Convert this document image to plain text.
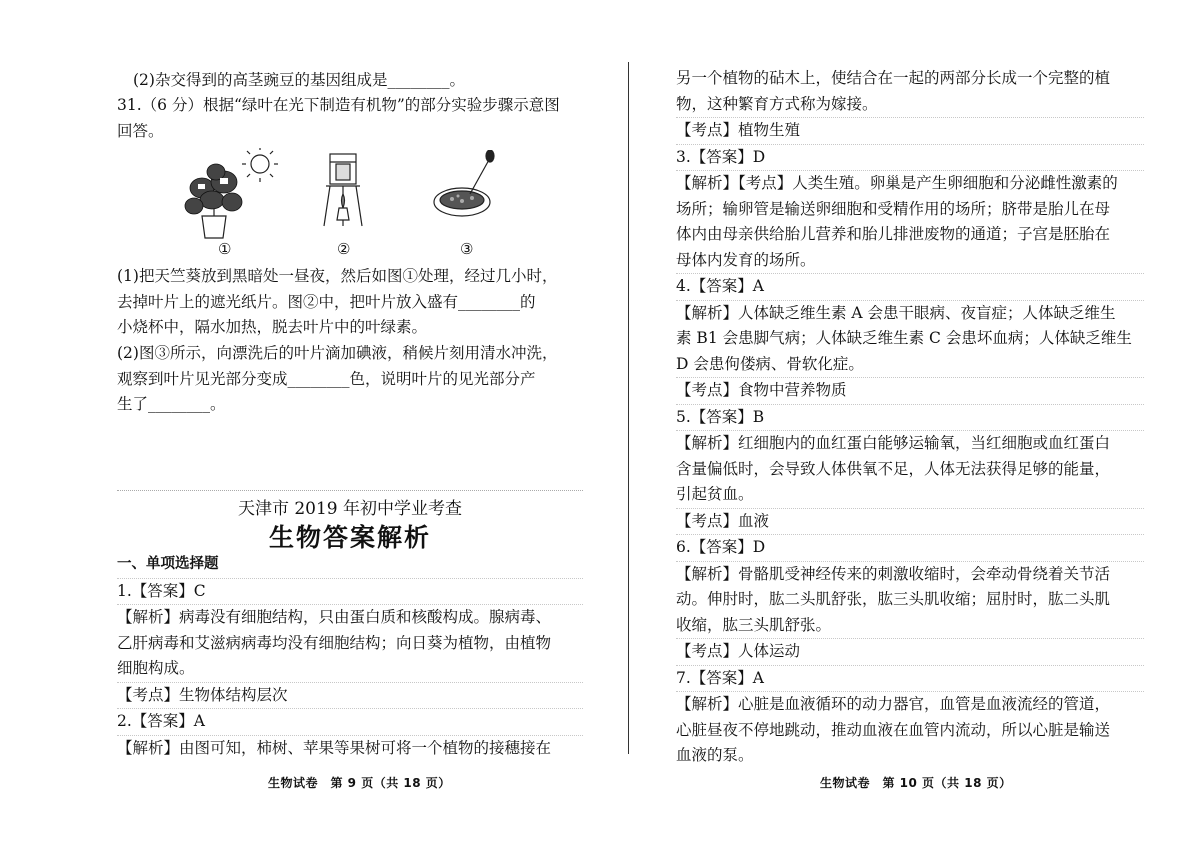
(2)杂交得到的高茎豌豆的基因组成是________。
31.（6 分）根据“绿叶在光下制造有机物”的部分实验步骤示意图
回答。
①	②	③
(1)把天竺葵放到黑暗处一昼夜，然后如图①处理，经过几小时，
去掉叶片上的遮光纸片。图②中，把叶片放入盛有________的
小烧杯中，隔水加热，脱去叶片中的叶绿素。
(2)图③所示，向漂洗后的叶片滴加碘液，稍候片刻用清水冲洗，
观察到叶片见光部分变成________色，说明叶片的见光部分产
生了________。
天津市 2019 年初中学业考查
生物答案解析
一、单项选择题
1.【答案】C
【解析】病毒没有细胞结构，只由蛋白质和核酸构成。腺病毒、
乙肝病毒和艾滋病病毒均没有细胞结构；向日葵为植物，由植物
细胞构成。
【考点】生物体结构层次
2.【答案】A
【解析】由图可知，柿树、苹果等果树可将一个植物的接穗接在
生物试卷　第 9 页（共 18 页）
另一个植物的砧木上，使结合在一起的两部分长成一个完整的植
物，这种繁育方式称为嫁接。
【考点】植物生殖
3.【答案】D
【解析】【考点】人类生殖。卵巢是产生卵细胞和分泌雌性激素的
场所；输卵管是输送卵细胞和受精作用的场所；脐带是胎儿在母
体内由母亲供给胎儿营养和胎儿排泄废物的通道；子宫是胚胎在
母体内发育的场所。
4.【答案】A
【解析】人体缺乏维生素 A 会患干眼病、夜盲症；人体缺乏维生
素 B1 会患脚气病；人体缺乏维生素 C 会患坏血病；人体缺乏维生
D 会患佝偻病、骨软化症。
【考点】食物中营养物质
5.【答案】B
【解析】红细胞内的血红蛋白能够运输氧，当红细胞或血红蛋白
含量偏低时，会导致人体供氧不足，人体无法获得足够的能量，
引起贫血。
【考点】血液
6.【答案】D
【解析】骨骼肌受神经传来的刺激收缩时，会牵动骨绕着关节活
动。伸肘时，肱二头肌舒张，肱三头肌收缩；屈肘时，肱二头肌
收缩，肱三头肌舒张。
【考点】人体运动
7.【答案】A
【解析】心脏是血液循环的动力器官，血管是血液流经的管道，
心脏昼夜不停地跳动，推动血液在血管内流动，所以心脏是输送
血液的泵。
生物试卷　第 10 页（共 18 页）
